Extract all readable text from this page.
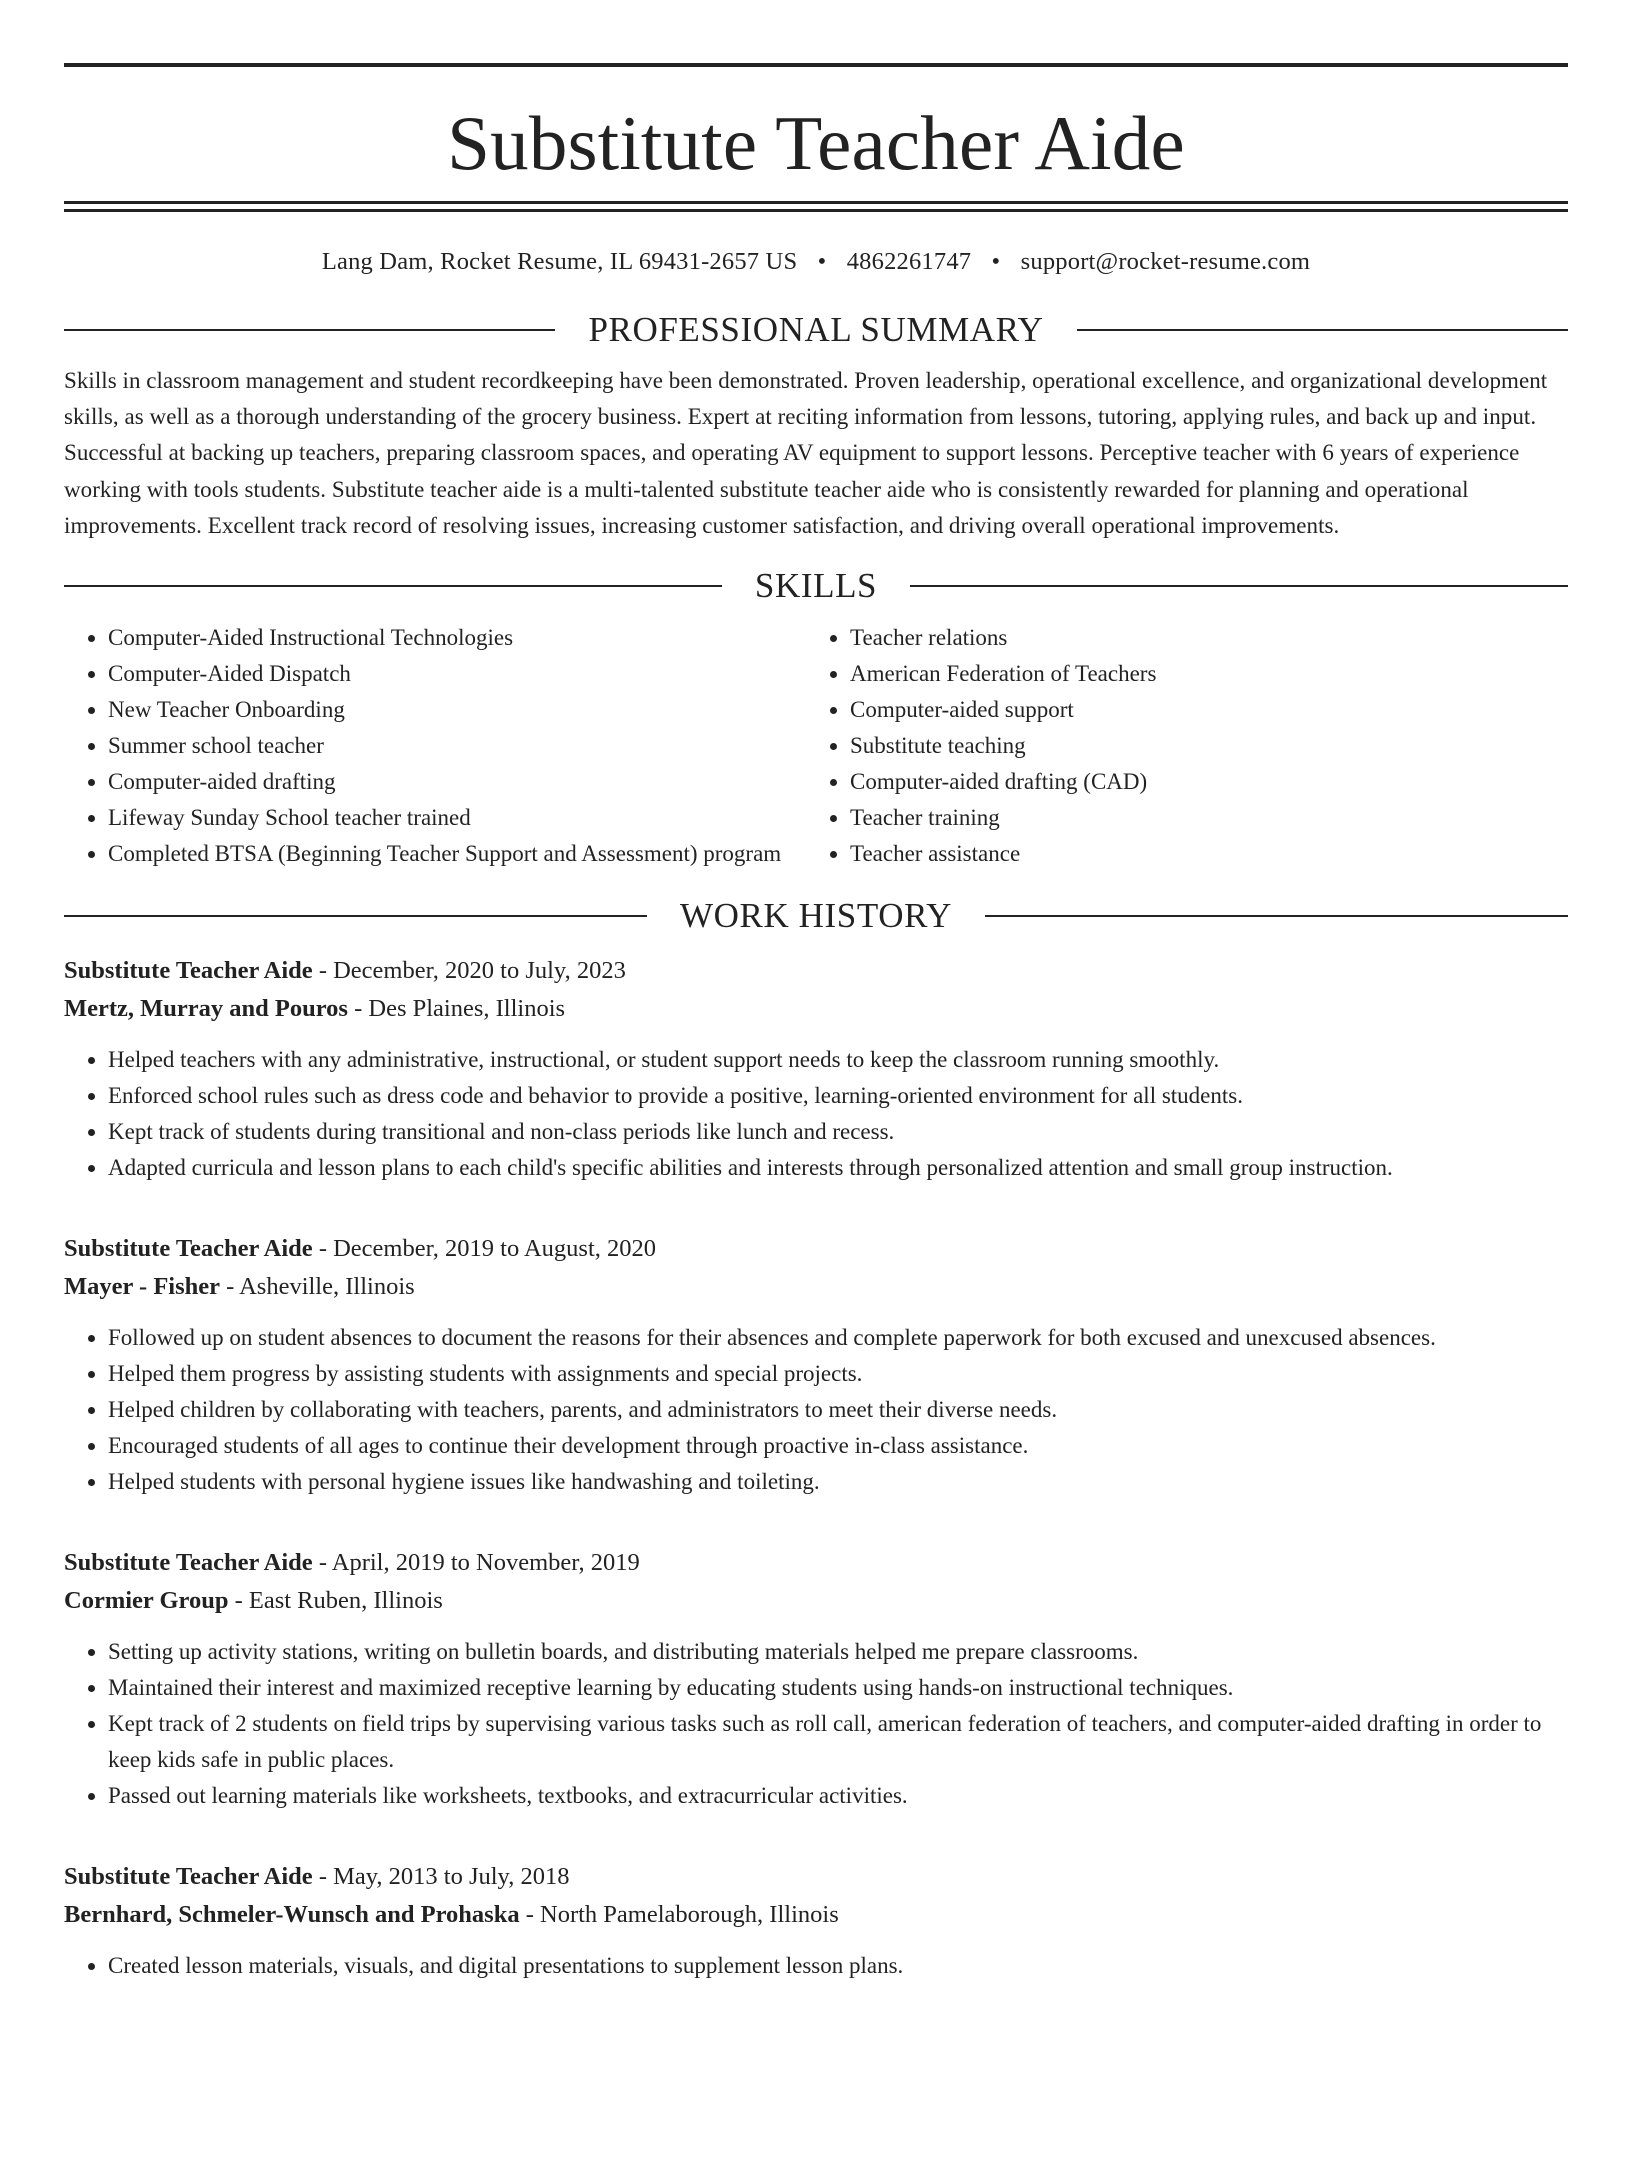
Substitute Teacher Aide
Lang Dam, Rocket Resume, IL 69431-2657 US • 4862261747 • support@rocket-resume.com
PROFESSIONAL SUMMARY
Skills in classroom management and student recordkeeping have been demonstrated. Proven leadership, operational excellence, and organizational development skills, as well as a thorough understanding of the grocery business. Expert at reciting information from lessons, tutoring, applying rules, and back up and input. Successful at backing up teachers, preparing classroom spaces, and operating AV equipment to support lessons. Perceptive teacher with 6 years of experience working with tools students. Substitute teacher aide is a multi-talented substitute teacher aide who is consistently rewarded for planning and operational improvements. Excellent track record of resolving issues, increasing customer satisfaction, and driving overall operational improvements.
SKILLS
• Computer-Aided Instructional Technologies
• Computer-Aided Dispatch
• New Teacher Onboarding
• Summer school teacher
• Computer-aided drafting
• Lifeway Sunday School teacher trained
• Completed BTSA (Beginning Teacher Support and Assessment) program
• Teacher relations
• American Federation of Teachers
• Computer-aided support
• Substitute teaching
• Computer-aided drafting (CAD)
• Teacher training
• Teacher assistance
WORK HISTORY
Substitute Teacher Aide - December, 2020 to July, 2023
Mertz, Murray and Pouros - Des Plaines, Illinois
• Helped teachers with any administrative, instructional, or student support needs to keep the classroom running smoothly.
• Enforced school rules such as dress code and behavior to provide a positive, learning-oriented environment for all students.
• Kept track of students during transitional and non-class periods like lunch and recess.
• Adapted curricula and lesson plans to each child's specific abilities and interests through personalized attention and small group instruction.
Substitute Teacher Aide - December, 2019 to August, 2020
Mayer - Fisher - Asheville, Illinois
• Followed up on student absences to document the reasons for their absences and complete paperwork for both excused and unexcused absences.
• Helped them progress by assisting students with assignments and special projects.
• Helped children by collaborating with teachers, parents, and administrators to meet their diverse needs.
• Encouraged students of all ages to continue their development through proactive in-class assistance.
• Helped students with personal hygiene issues like handwashing and toileting.
Substitute Teacher Aide - April, 2019 to November, 2019
Cormier Group - East Ruben, Illinois
• Setting up activity stations, writing on bulletin boards, and distributing materials helped me prepare classrooms.
• Maintained their interest and maximized receptive learning by educating students using hands-on instructional techniques.
• Kept track of 2 students on field trips by supervising various tasks such as roll call, american federation of teachers, and computer-aided drafting in order to keep kids safe in public places.
• Passed out learning materials like worksheets, textbooks, and extracurricular activities.
Substitute Teacher Aide - May, 2013 to July, 2018
Bernhard, Schmeler-Wunsch and Prohaska - North Pamelaborough, Illinois
• Created lesson materials, visuals, and digital presentations to supplement lesson plans.
